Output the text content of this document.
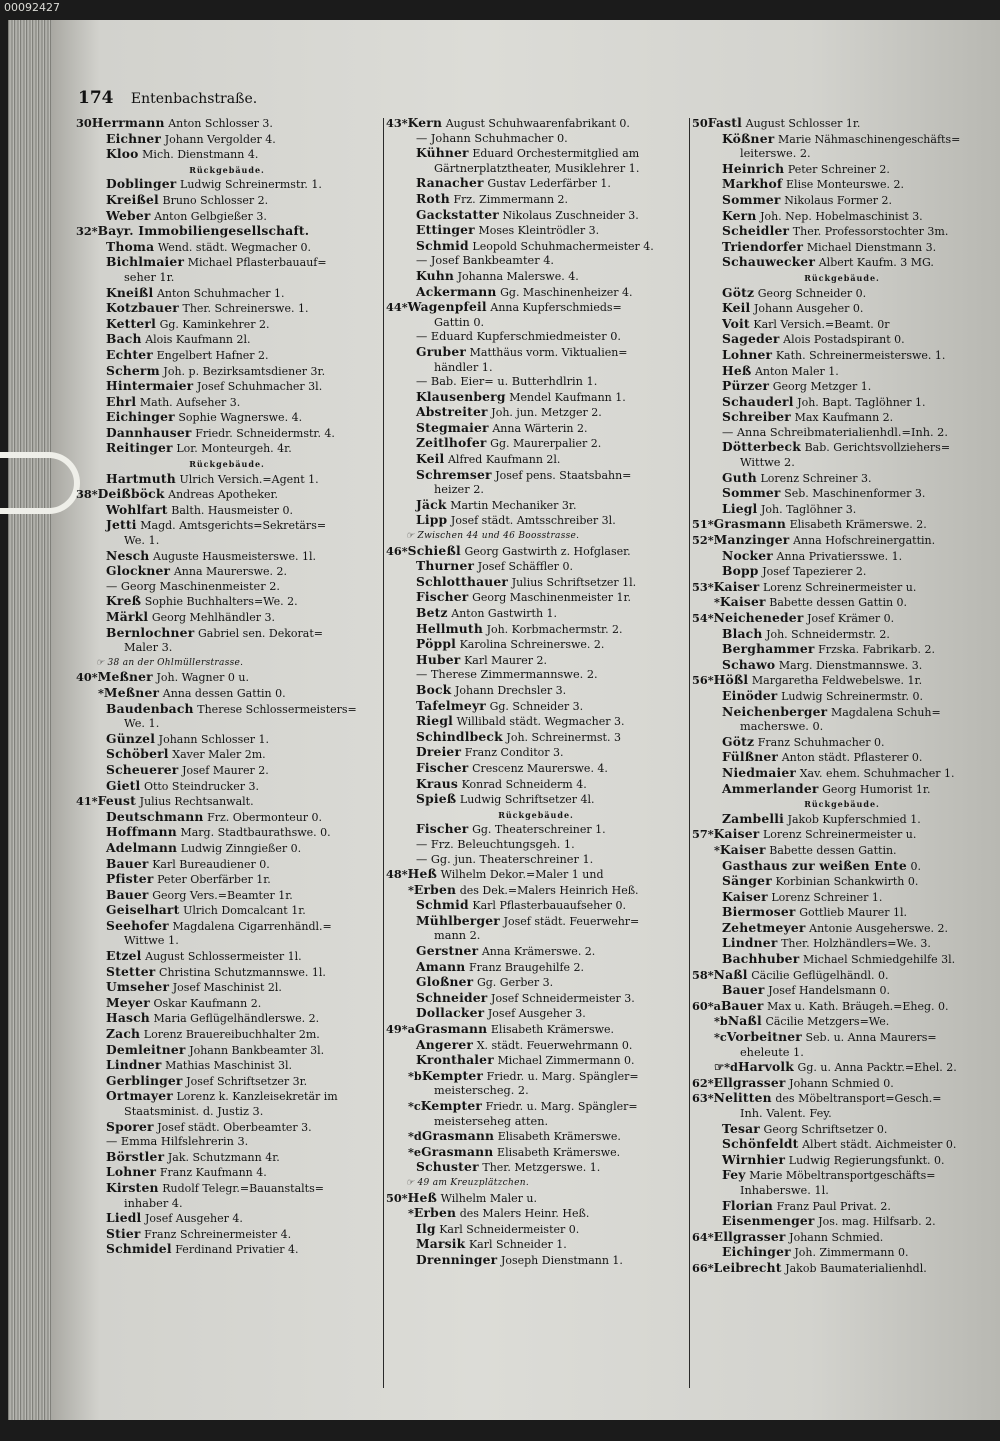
00092427
174 Entenbachstraße.
30Herrmann Anton Schlosser 3.
Eichner Johann Vergolder 4.
Kloo Mich. Dienstmann 4.
Rückgebäude.
Doblinger Ludwig Schreinermstr. 1.
Kreißel Bruno Schlosser 2.
Weber Anton Gelbgießer 3.
32*Bayr. Immobiliengesellschaft.
Thoma Wend. städt. Wegmacher 0.
Bichlmaier Michael Pflasterbauauf=
seher 1r.
Kneißl Anton Schuhmacher 1.
Kotzbauer Ther. Schreinerswe. 1.
Ketterl Gg. Kaminkehrer 2.
Bach Alois Kaufmann 2l.
Echter Engelbert Hafner 2.
Scherm Joh. p. Bezirksamtsdiener 3r.
Hintermaier Josef Schuhmacher 3l.
Ehrl Math. Aufseher 3.
Eichinger Sophie Wagnerswe. 4.
Dannhauser Friedr. Schneidermstr. 4.
Reitinger Lor. Monteurgeh. 4r.
Rückgebäude.
Hartmuth Ulrich Versich.=Agent 1.
38*Deißböck Andreas Apotheker.
Wohlfart Balth. Hausmeister 0.
Jetti Magd. Amtsgerichts=Sekretärs=
We. 1.
Nesch Auguste Hausmeisterswe. 1l.
Glockner Anna Maurerswe. 2.
— Georg Maschinenmeister 2.
Kreß Sophie Buchhalters=We. 2.
Märkl Georg Mehlhändler 3.
Bernlochner Gabriel sen. Dekorat=
Maler 3.
☞ 38 an der Ohlmüllerstrasse.
40*Meßner Joh. Wagner 0 u.
*Meßner Anna dessen Gattin 0.
Baudenbach Therese Schlossermeisters=
We. 1.
Günzel Johann Schlosser 1.
Schöberl Xaver Maler 2m.
Scheuerer Josef Maurer 2.
Gietl Otto Steindrucker 3.
41*Feust Julius Rechtsanwalt.
Deutschmann Frz. Obermonteur 0.
Hoffmann Marg. Stadtbaurathswe. 0.
Adelmann Ludwig Zinngießer 0.
Bauer Karl Bureaudiener 0.
Pfister Peter Oberfärber 1r.
Bauer Georg Vers.=Beamter 1r.
Geiselhart Ulrich Domcalcant 1r.
Seehofer Magdalena Cigarrenhändl.=
Wittwe 1.
Etzel August Schlossermeister 1l.
Stetter Christina Schutzmannswe. 1l.
Umseher Josef Maschinist 2l.
Meyer Oskar Kaufmann 2.
Hasch Maria Geflügelhändlerswe. 2.
Zach Lorenz Brauereibuchhalter 2m.
Demleitner Johann Bankbeamter 3l.
Lindner Mathias Maschinist 3l.
Gerblinger Josef Schriftsetzer 3r.
Ortmayer Lorenz k. Kanzleisekretär im
Staatsminist. d. Justiz 3.
Sporer Josef städt. Oberbeamter 3.
— Emma Hilfslehrerin 3.
Börstler Jak. Schutzmann 4r.
Lohner Franz Kaufmann 4.
Kirsten Rudolf Telegr.=Bauanstalts=
inhaber 4.
Liedl Josef Ausgeher 4.
Stier Franz Schreinermeister 4.
Schmidel Ferdinand Privatier 4.
43*Kern August Schuhwaarenfabrikant 0.
— Johann Schuhmacher 0.
Kühner Eduard Orchestermitglied am
Gärtnerplatztheater, Musiklehrer 1.
Ranacher Gustav Lederfärber 1.
Roth Frz. Zimmermann 2.
Gackstatter Nikolaus Zuschneider 3.
Ettinger Moses Kleintrödler 3.
Schmid Leopold Schuhmachermeister 4.
— Josef Bankbeamter 4.
Kuhn Johanna Malerswe. 4.
Ackermann Gg. Maschinenheizer 4.
44*Wagenpfeil Anna Kupferschmieds=
Gattin 0.
— Eduard Kupferschmiedmeister 0.
Gruber Matthäus vorm. Viktualien=
händler 1.
— Bab. Eier= u. Butterhdlrin 1.
Klausenberg Mendel Kaufmann 1.
Abstreiter Joh. jun. Metzger 2.
Stegmaier Anna Wärterin 2.
Zeitlhofer Gg. Maurerpalier 2.
Keil Alfred Kaufmann 2l.
Schremser Josef pens. Staatsbahn=
heizer 2.
Jäck Martin Mechaniker 3r.
Lipp Josef städt. Amtsschreiber 3l.
☞ Zwischen 44 und 46 Boosstrasse.
46*Schießl Georg Gastwirth z. Hofglaser.
Thurner Josef Schäffler 0.
Schlotthauer Julius Schriftsetzer 1l.
Fischer Georg Maschinenmeister 1r.
Betz Anton Gastwirth 1.
Hellmuth Joh. Korbmachermstr. 2.
Pöppl Karolina Schreinerswe. 2.
Huber Karl Maurer 2.
— Therese Zimmermannswe. 2.
Bock Johann Drechsler 3.
Tafelmeyr Gg. Schneider 3.
Riegl Willibald städt. Wegmacher 3.
Schindlbeck Joh. Schreinermst. 3
Dreier Franz Conditor 3.
Fischer Crescenz Maurerswe. 4.
Kraus Konrad Schneiderm 4.
Spieß Ludwig Schriftsetzer 4l.
Rückgebäude.
Fischer Gg. Theaterschreiner 1.
— Frz. Beleuchtungsgeh. 1.
— Gg. jun. Theaterschreiner 1.
48*Heß Wilhelm Dekor.=Maler 1 und
*Erben des Dek.=Malers Heinrich Heß.
Schmid Karl Pflasterbauaufseher 0.
Mühlberger Josef städt. Feuerwehr=
mann 2.
Gerstner Anna Krämerswe. 2.
Amann Franz Braugehilfe 2.
Gloßner Gg. Gerber 3.
Schneider Josef Schneidermeister 3.
Dollacker Josef Ausgeher 3.
49*aGrasmann Elisabeth Krämerswe.
Angerer X. städt. Feuerwehrmann 0.
Kronthaler Michael Zimmermann 0.
*bKempter Friedr. u. Marg. Spängler=
meisterscheg. 2.
*cKempter Friedr. u. Marg. Spängler=
meisterseheg atten.
*dGrasmann Elisabeth Krämerswe.
*eGrasmann Elisabeth Krämerswe.
Schuster Ther. Metzgerswe. 1.
☞ 49 am Kreuzplätzchen.
50*Heß Wilhelm Maler u.
*Erben des Malers Heinr. Heß.
Ilg Karl Schneidermeister 0.
Marsik Karl Schneider 1.
Drenninger Joseph Dienstmann 1.
50Fastl August Schlosser 1r.
Kößner Marie Nähmaschinengeschäfts=
leiterswe. 2.
Heinrich Peter Schreiner 2.
Markhof Elise Monteurswe. 2.
Sommer Nikolaus Former 2.
Kern Joh. Nep. Hobelmaschinist 3.
Scheidler Ther. Professorstochter 3m.
Triendorfer Michael Dienstmann 3.
Schauwecker Albert Kaufm. 3 MG.
Rückgebäude.
Götz Georg Schneider 0.
Keil Johann Ausgeher 0.
Voit Karl Versich.=Beamt. 0r
Sageder Alois Postadspirant 0.
Lohner Kath. Schreinermeisterswe. 1.
Heß Anton Maler 1.
Pürzer Georg Metzger 1.
Schauderl Joh. Bapt. Taglöhner 1.
Schreiber Max Kaufmann 2.
— Anna Schreibmaterialienhdl.=Inh. 2.
Dötterbeck Bab. Gerichtsvollziehers=
Wittwe 2.
Guth Lorenz Schreiner 3.
Sommer Seb. Maschinenformer 3.
Liegl Joh. Taglöhner 3.
51*Grasmann Elisabeth Krämerswe. 2.
52*Manzinger Anna Hofschreinergattin.
Nocker Anna Privatiersswe. 1.
Bopp Josef Tapezierer 2.
53*Kaiser Lorenz Schreinermeister u.
*Kaiser Babette dessen Gattin 0.
54*Neicheneder Josef Krämer 0.
Blach Joh. Schneidermstr. 2.
Berghammer Frzska. Fabrikarb. 2.
Schawo Marg. Dienstmannswe. 3.
56*Hößl Margaretha Feldwebelswe. 1r.
Einöder Ludwig Schreinermstr. 0.
Neichenberger Magdalena Schuh=
macherswe. 0.
Götz Franz Schuhmacher 0.
Fülßner Anton städt. Pflasterer 0.
Niedmaier Xav. ehem. Schuhmacher 1.
Ammerlander Georg Humorist 1r.
Rückgebäude.
Zambelli Jakob Kupferschmied 1.
57*Kaiser Lorenz Schreinermeister u.
*Kaiser Babette dessen Gattin.
Gasthaus zur weißen Ente 0.
Sänger Korbinian Schankwirth 0.
Kaiser Lorenz Schreiner 1.
Biermoser Gottlieb Maurer 1l.
Zehetmeyer Antonie Ausgeherswe. 2.
Lindner Ther. Holzhändlers=We. 3.
Bachhuber Michael Schmiedgehilfe 3l.
58*Naßl Cäcilie Geflügelhändl. 0.
Bauer Josef Handelsmann 0.
60*aBauer Max u. Kath. Bräugeh.=Eheg. 0.
*bNaßl Cäcilie Metzgers=We.
*cVorbeitner Seb. u. Anna Maurers=
eheleute 1.
☞*dHarvolk Gg. u. Anna Packtr.=Ehel. 2.
62*Ellgrasser Johann Schmied 0.
63*Nelitten des Möbeltransport=Gesch.=
Inh. Valent. Fey.
Tesar Georg Schriftsetzer 0.
Schönfeldt Albert städt. Aichmeister 0.
Wirnhier Ludwig Regierungsfunkt. 0.
Fey Marie Möbeltransportgeschäfts=
Inhaberswe. 1l.
Florian Franz Paul Privat. 2.
Eisenmenger Jos. mag. Hilfsarb. 2.
64*Ellgrasser Johann Schmied.
Eichinger Joh. Zimmermann 0.
66*Leibrecht Jakob Baumaterialienhdl.
